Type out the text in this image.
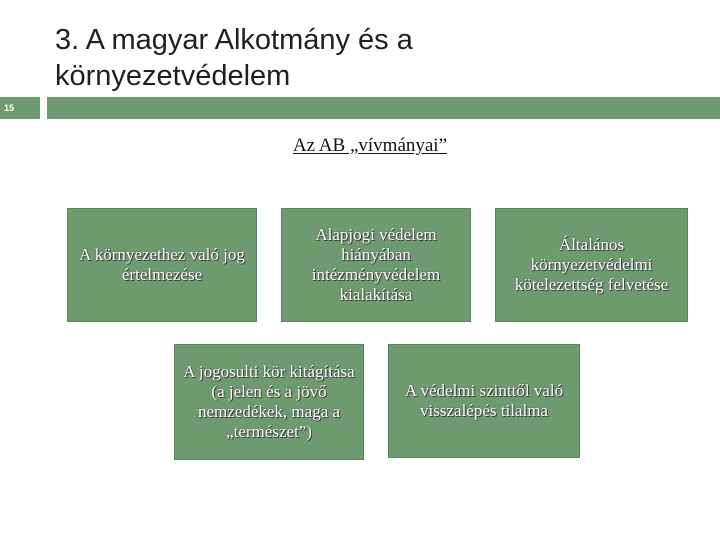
3. A magyar Alkotmány és a
környezetvédelem
15
Az AB „vívmányai”
A környezethez való jog értelmezése
Alapjogi védelem hiányában intézményvédelem kialakítása
Általános környezetvédelmi kötelezettség felvetése
A jogosulti kör kitágítása (a jelen és a jövő nemzedékek, maga a „természet”)
A védelmi szinttől való visszalépés tilalma
